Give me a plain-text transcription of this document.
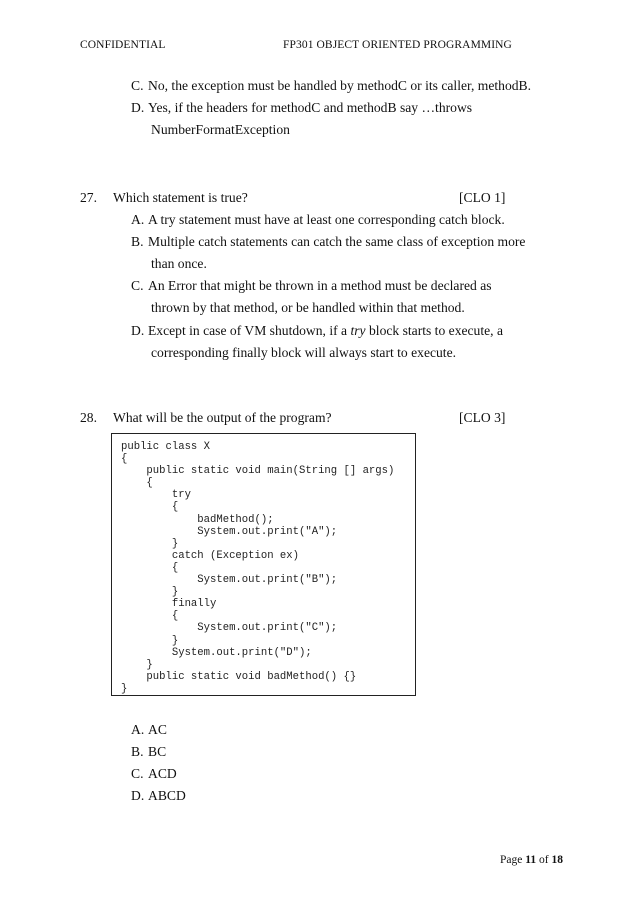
CONFIDENTIAL	FP301 OBJECT ORIENTED PROGRAMMING
C. No, the exception must be handled by methodC or its caller, methodB.
D. Yes, if the headers for methodC and methodB say …throws
NumberFormatException
27. Which statement is true?	[CLO 1]
A. A try statement must have at least one corresponding catch block.
B. Multiple catch statements can catch the same class of exception more
than once.
C. An Error that might be thrown in a method must be declared as
thrown by that method, or be handled within that method.
D. Except in case of VM shutdown, if a try block starts to execute, a
corresponding finally block will always start to execute.
28. What will be the output of the program?	[CLO 3]
public class X
{
public static void main(String [] args)
{
try
{
badMethod();
System.out.print("A");
}
catch (Exception ex)
{
System.out.print("B");
}
finally
{
System.out.print("C");
}
System.out.print("D");
}
public static void badMethod() {}
}
A. AC
B. BC
C. ACD
D. ABCD
Page 11 of 18
